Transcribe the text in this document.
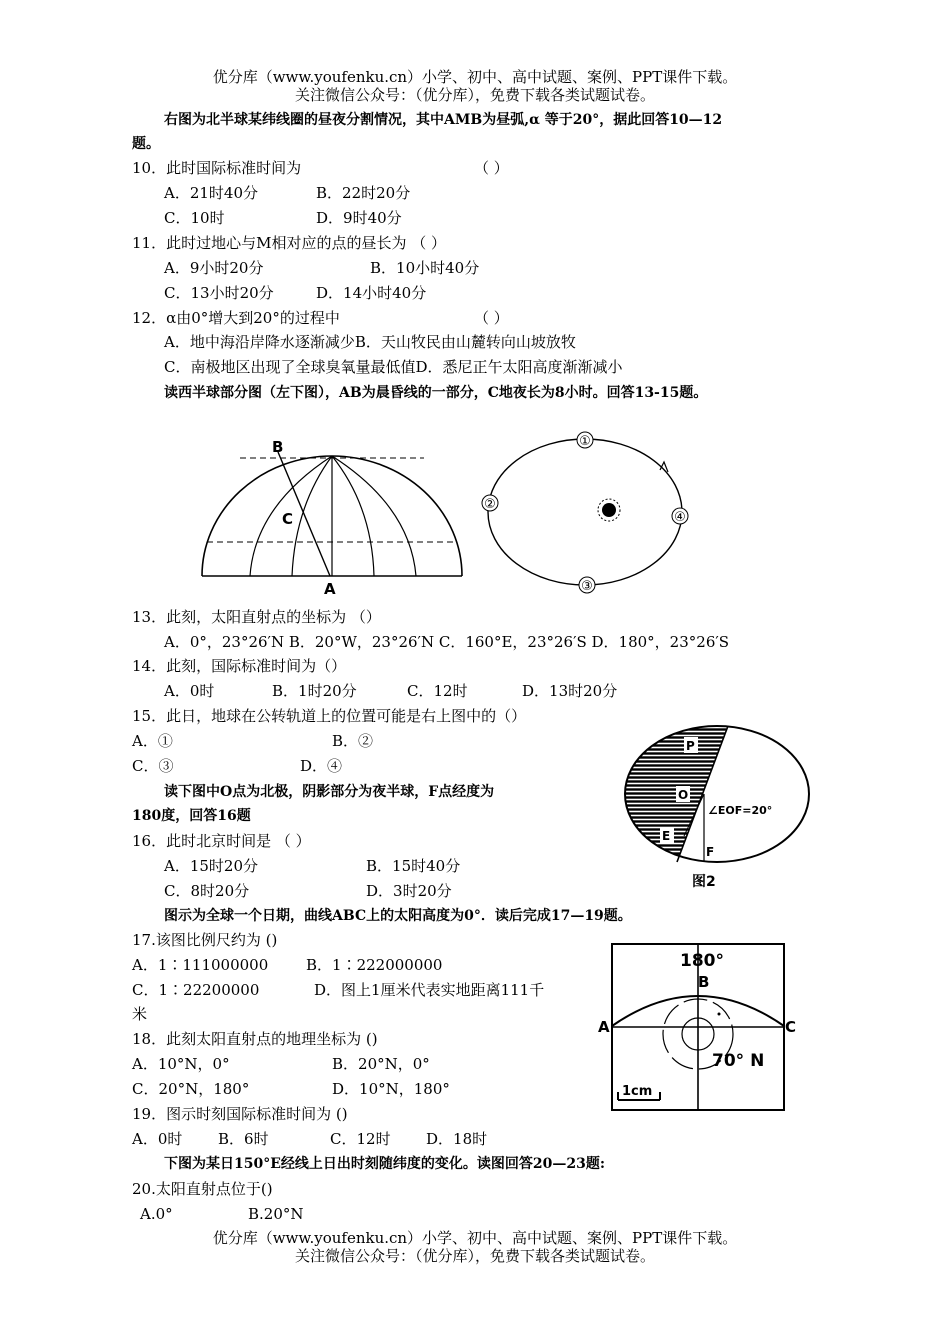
优分库（www.youfenku.cn）小学、初中、高中试题、案例、PPT课件下载。
关注微信公众号：（优分库），免费下载各类试题试卷。
右图为北半球某纬线圈的昼夜分割情况，其中AMB为昼弧,α 等于20°，据此回答10—12
题。
10．此时国际标准时间为	（ ）
A．21时40分	B．22时20分
C．10时	D．9时40分
11．此时过地心与M相对应的点的昼长为 （ ）
A．9小时20分	B．10小时40分
C．13小时20分	D．14小时40分
12．α由0°增大到20°的过程中	（ ）
A．地中海沿岸降水逐渐减少B．天山牧民由山麓转向山坡放牧
C．南极地区出现了全球臭氧量最低值D．悉尼正午太阳高度渐渐减小
读西半球部分图（左下图），AB为晨昏线的一部分，C地夜长为8小时。回答13-15题。
B
C
A
①
②
③
④
13．此刻，太阳直射点的坐标为 （）
A．0°，23°26′N B．20°W，23°26′N C．160°E，23°26′S D．180°，23°26′S
14．此刻，国际标准时间为（）
A．0时	B．1时20分	C．12时	D．13时20分
15．此日，地球在公转轨道上的位置可能是右上图中的（）
A．①	B．②
C．③	D．④
P
O
E
∠EOF=20°
F
图2
读下图中O点为北极，阴影部分为夜半球，F点经度为
180度，回答16题
16．此时北京时间是 （ ）
A．15时20分	B．15时40分
C．8时20分	D．3时20分
图示为全球一个日期，曲线ABC上的太阳高度为0°．读后完成17—19题。
180°
B
A	C
70° N
1cm
17.该图比例尺约为 ()
A．1∶111000000	B．1∶222000000
C．1∶22200000	D．图上1厘米代表实地距离111千
米
18．此刻太阳直射点的地理坐标为 ()
A．10°N，0°	B．20°N，0°
C．20°N，180°	D．10°N，180°
19．图示时刻国际标准时间为 ()
A．0时 B．6时	C．12时 D．18时
下图为某日150°E经线上日出时刻随纬度的变化。读图回答20—23题:
20.太阳直射点位于()
A.0°	B.20°N
优分库（www.youfenku.cn）小学、初中、高中试题、案例、PPT课件下载。
关注微信公众号：（优分库），免费下载各类试题试卷。
